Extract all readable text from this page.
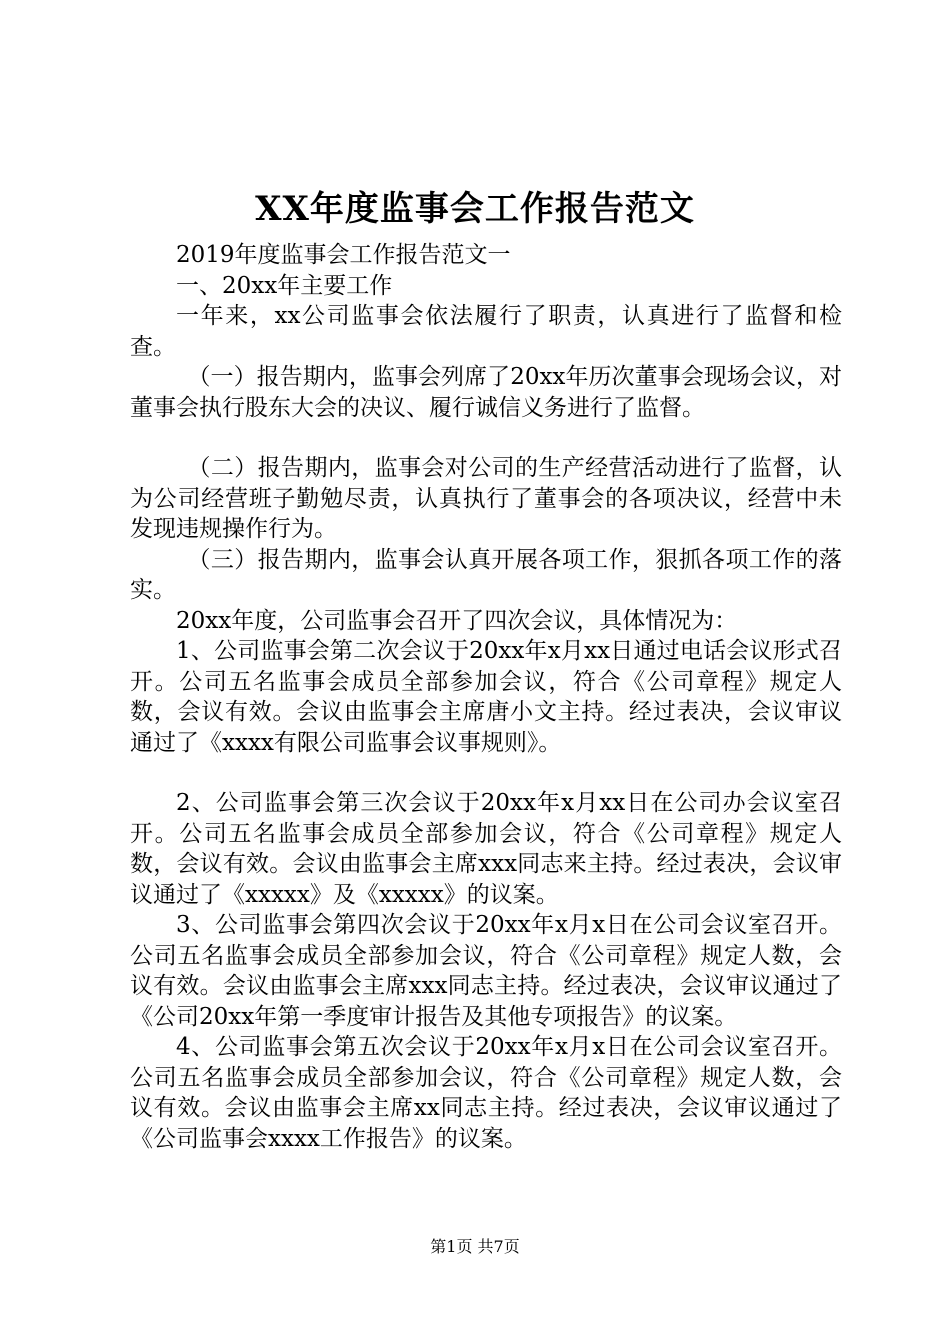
XX年度监事会工作报告范文

2019年度监事会工作报告范文一

一、20xx年主要工作

一年来，xx公司监事会依法履行了职责，认真进行了监督和检查。

（一）报告期内，监事会列席了20xx年历次董事会现场会议，对董事会执行股东大会的决议、履行诚信义务进行了监督。

（二）报告期内，监事会对公司的生产经营活动进行了监督，认为公司经营班子勤勉尽责，认真执行了董事会的各项决议，经营中未发现违规操作行为。

（三）报告期内，监事会认真开展各项工作，狠抓各项工作的落实。

20xx年度，公司监事会召开了四次会议，具体情况为：

1、公司监事会第二次会议于20xx年x月xx日通过电话会议形式召开。公司五名监事会成员全部参加会议，符合《公司章程》规定人数，会议有效。会议由监事会主席唐小文主持。经过表决，会议审议通过了《xxxx有限公司监事会议事规则》。

2、公司监事会第三次会议于20xx年x月xx日在公司办会议室召开。公司五名监事会成员全部参加会议，符合《公司章程》规定人数，会议有效。会议由监事会主席xxx同志来主持。经过表决，会议审议通过了《xxxxx》及《xxxxx》的议案。

3、公司监事会第四次会议于20xx年x月x日在公司会议室召开。公司五名监事会成员全部参加会议，符合《公司章程》规定人数，会议有效。会议由监事会主席xxx同志主持。经过表决，会议审议通过了《公司20xx年第一季度审计报告及其他专项报告》的议案。

4、公司监事会第五次会议于20xx年x月x日在公司会议室召开。公司五名监事会成员全部参加会议，符合《公司章程》规定人数，会议有效。会议由监事会主席xx同志主持。经过表决，会议审议通过了《公司监事会xxxx工作报告》的议案。

第1页 共7页
